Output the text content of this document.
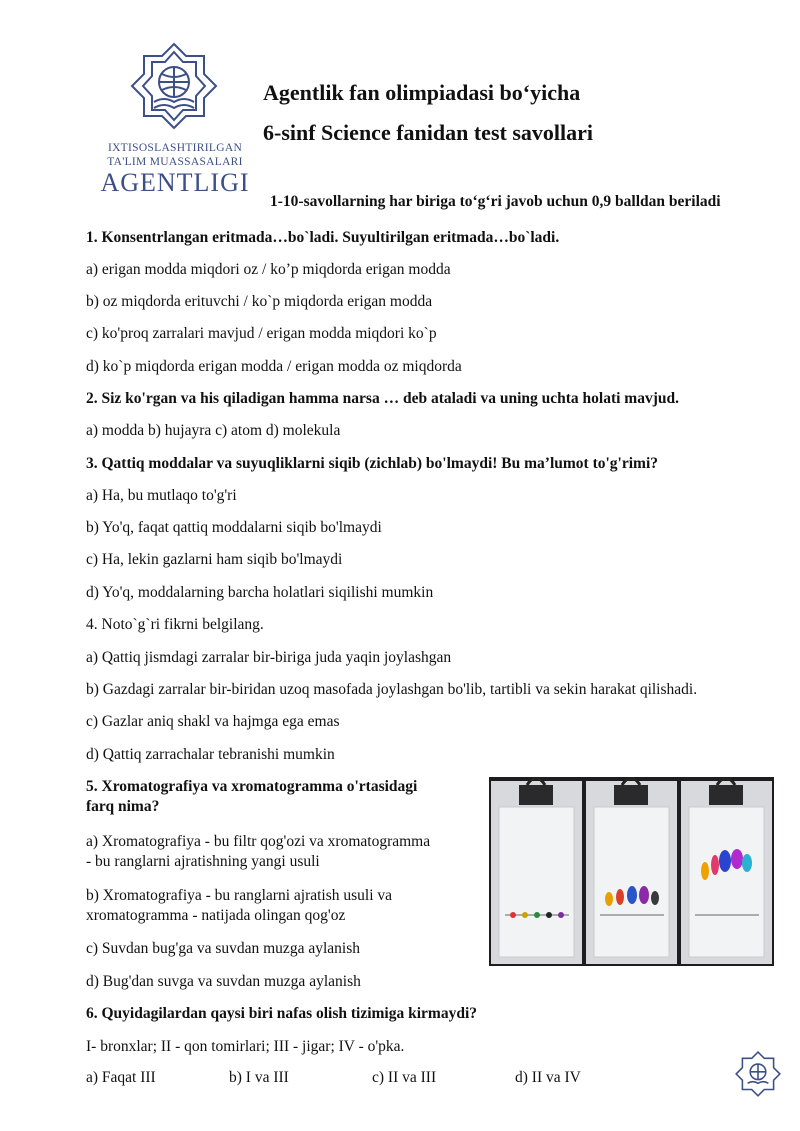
IXTISOSLASHTIRILGAN
TA'LIM MUASSASALARI
AGENTLIGI
Agentlik fan olimpiadasi bo‘yicha
6-sinf Science fanidan test savollari
1-10-savollarning har biriga to‘g‘ri javob uchun 0,9 balldan beriladi
1. Konsentrlangan eritmada…bo`ladi. Suyultirilgan eritmada…bo`ladi.
a) erigan modda miqdori oz / ko’p miqdorda erigan modda
b) oz miqdorda erituvchi / ko`p miqdorda erigan modda
c) ko'proq zarralari mavjud / erigan modda miqdori ko`p
d) ko`p miqdorda erigan modda / erigan modda oz miqdorda
2. Siz ko'rgan va his qiladigan hamma narsa … deb ataladi va uning uchta holati mavjud.
a) modda b) hujayra c) atom d) molekula
3. Qattiq moddalar va suyuqliklarni siqib (zichlab) bo'lmaydi! Bu ma’lumot to'g'rimi?
a) Ha, bu mutlaqo to'g'ri
b) Yo'q, faqat qattiq moddalarni siqib bo'lmaydi
c) Ha, lekin gazlarni ham siqib bo'lmaydi
d) Yo'q, moddalarning barcha holatlari siqilishi mumkin
4. Noto`g`ri fikrni belgilang.
a) Qattiq jismdagi zarralar bir-biriga juda yaqin joylashgan
b) Gazdagi zarralar bir-biridan uzoq masofada joylashgan bo'lib, tartibli va sekin harakat qilishadi.
c) Gazlar aniq shakl va hajmga ega emas
d) Qattiq zarrachalar tebranishi mumkin
5. Xromatografiya va xromatogramma o'rtasidagi
farq nima?
a) Xromatografiya - bu filtr qog'ozi va xromatogramma
- bu ranglarni ajratishning yangi usuli
b) Xromatografiya - bu ranglarni ajratish usuli va
xromatogramma - natijada olingan qog'oz
c) Suvdan bug'ga va suvdan muzga aylanish
d) Bug'dan suvga va suvdan muzga aylanish
6. Quyidagilardan qaysi biri nafas olish tizimiga kirmaydi?
I- bronxlar; II - qon tomirlari; III - jigar; IV - o'pka.
a) Faqat III	b) I va III	c) II va III	d) II va IV
